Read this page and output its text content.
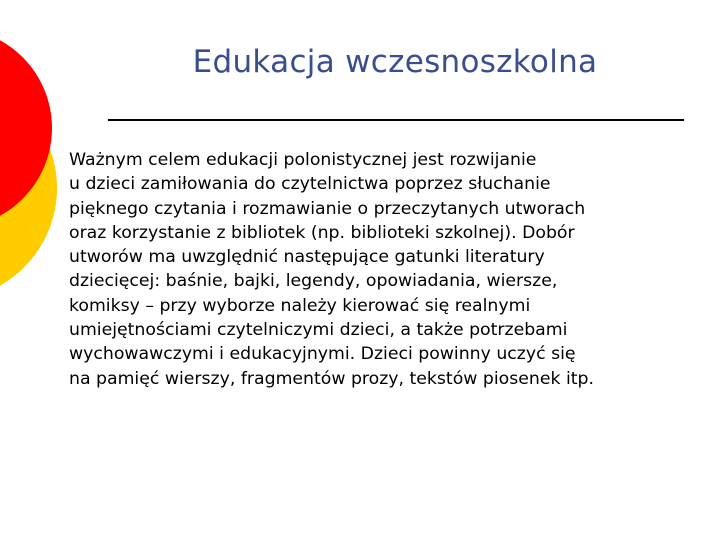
Edukacja wczesnoszkolna
Ważnym celem edukacji polonistycznej jest rozwijanie
u dzieci zamiłowania do czytelnictwa poprzez słuchanie
pięknego czytania i rozmawianie o przeczytanych utworach
oraz korzystanie z bibliotek (np. biblioteki szkolnej). Dobór
utworów ma uwzględnić następujące gatunki literatury
dziecięcej: baśnie, bajki, legendy, opowiadania, wiersze,
komiksy – przy wyborze należy kierować się realnymi
umiejętnościami czytelniczymi dzieci, a także potrzebami
wychowawczymi i edukacyjnymi. Dzieci powinny uczyć się
na pamięć wierszy, fragmentów prozy, tekstów piosenek itp.
